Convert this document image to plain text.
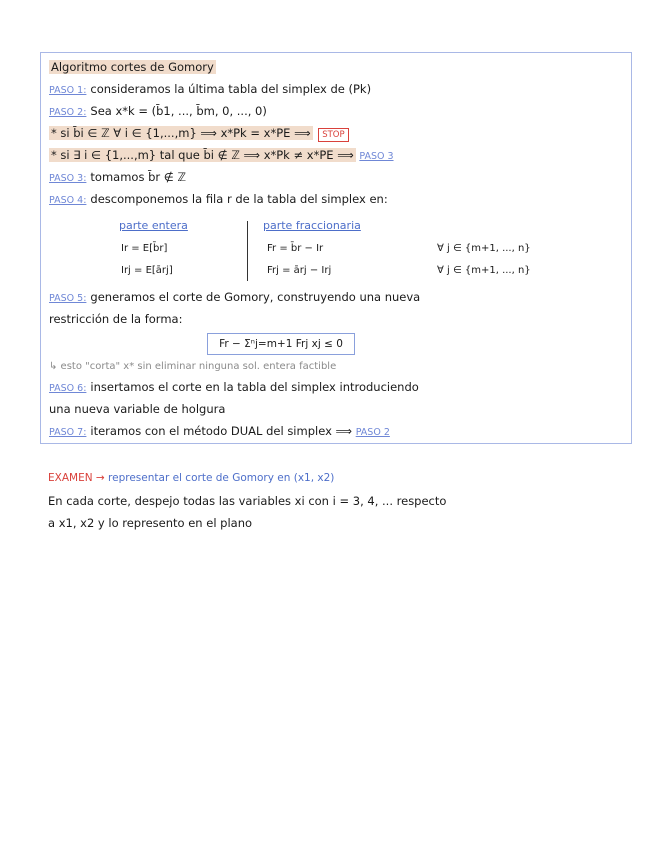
Algoritmo cortes de Gomory
PASO 1: consideramos la última tabla del simplex de (Pk)
PASO 2: Sea x*k = (b̄1, ..., b̄m, 0, ..., 0)
* si b̄i ∈ ℤ ∀ i ∈ {1,...,m} ⟹ x*Pk = x*PE ⟹ STOP
* si ∃ i ∈ {1,...,m} tal que b̄i ∉ ℤ ⟹ x*Pk ≠ x*PE ⟹ PASO 3
PASO 3: tomamos b̄r ∉ ℤ
PASO 4: descomponemos la fila r de la tabla del simplex en:
parte entera	parte fraccionaria
Ir = E[b̄r]	Fr = b̄r − Ir	∀ j ∈ {m+1, ..., n}
Irj = E[ārj]	Frj = ārj − Irj	∀ j ∈ {m+1, ..., n}
PASO 5: generamos el corte de Gomory, construyendo una nueva
restricción de la forma:
Fr − Σⁿj=m+1 Frj xj ≤ 0
↳ esto "corta" x* sin eliminar ninguna sol. entera factible
PASO 6: insertamos el corte en la tabla del simplex introduciendo
una nueva variable de holgura
PASO 7: iteramos con el método DUAL del simplex ⟹ PASO 2
EXAMEN → representar el corte de Gomory en (x1, x2)
En cada corte, despejo todas las variables xi con i = 3, 4, ... respecto
a x1, x2 y lo represento en el plano
